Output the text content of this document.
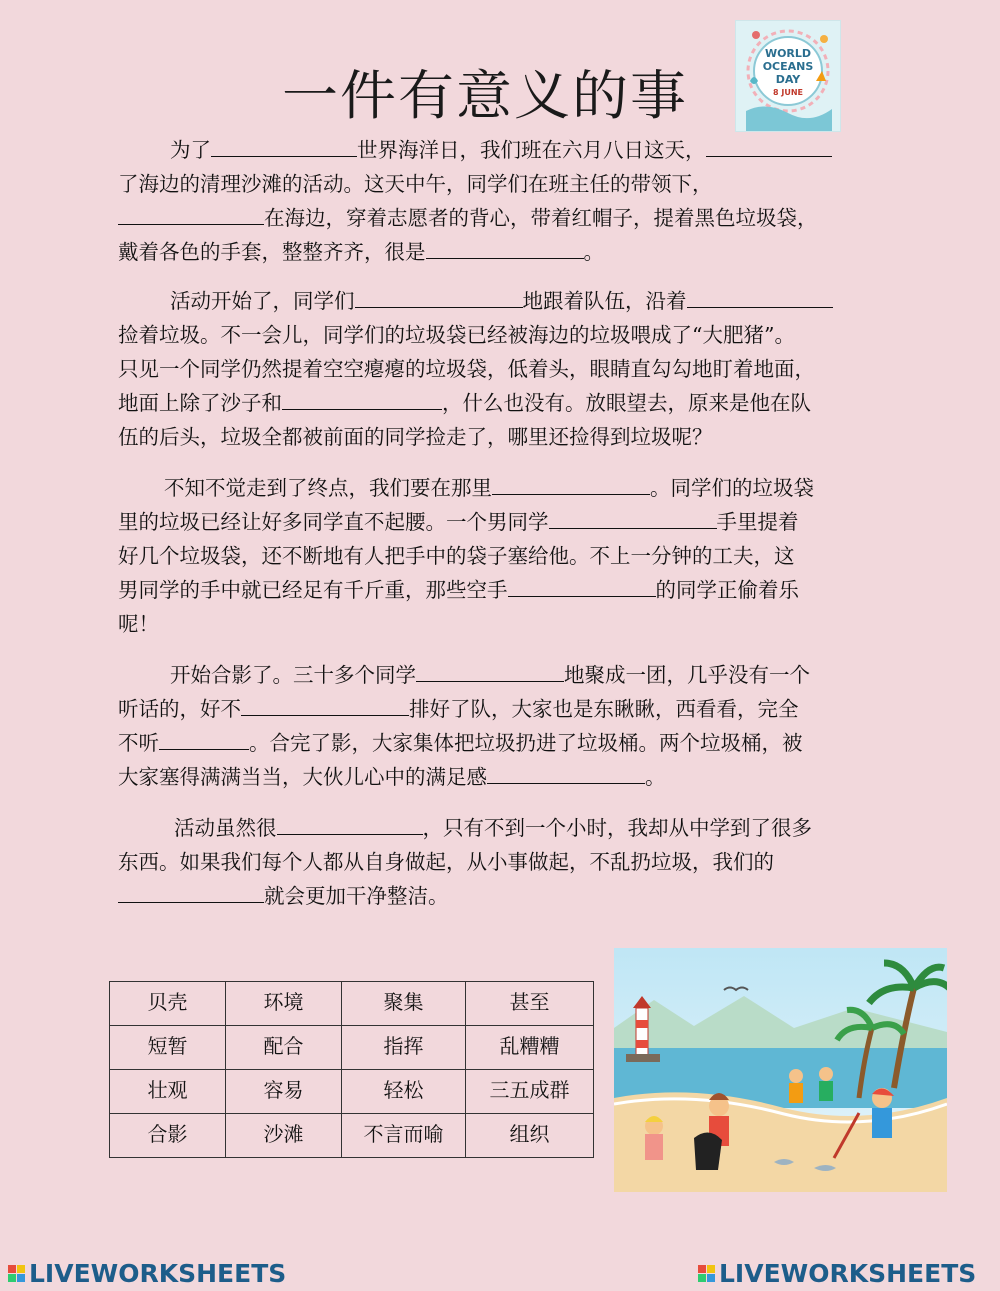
一件有意义的事
WORLD
OCEANS
DAY
8 JUNE
为了	世界海洋日，我们班在六月八日这天，
了海边的清理沙滩的活动。这天中午，同学们在班主任的带领下，
在海边，穿着志愿者的背心，带着红帽子，提着黑色垃圾袋，
戴着各色的手套，整整齐齐，很是	。
活动开始了，同学们	地跟着队伍，沿着
捡着垃圾。不一会儿，同学们的垃圾袋已经被海边的垃圾喂成了“大肥猪”。
只见一个同学仍然提着空空瘪瘪的垃圾袋，低着头，眼睛直勾勾地盯着地面，
地面上除了沙子和	，什么也没有。放眼望去，原来是他在队
伍的后头，垃圾全都被前面的同学捡走了，哪里还捡得到垃圾呢？
不知不觉走到了终点，我们要在那里	。同学们的垃圾袋
里的垃圾已经让好多同学直不起腰。一个男同学	手里提着
好几个垃圾袋，还不断地有人把手中的袋子塞给他。不上一分钟的工夫，这
男同学的手中就已经足有千斤重，那些空手	的同学正偷着乐
呢！
开始合影了。三十多个同学	地聚成一团，几乎没有一个
听话的，好不	排好了队，大家也是东瞅瞅，西看看，完全
不听	。合完了影，大家集体把垃圾扔进了垃圾桶。两个垃圾桶，被
大家塞得满满当当，大伙儿心中的满足感	。
活动虽然很	，只有不到一个小时，我却从中学到了很多
东西。如果我们每个人都从自身做起，从小事做起，不乱扔垃圾，我们的
就会更加干净整洁。
贝壳	环境	聚集	甚至
短暂	配合	指挥	乱糟糟
壮观	容易	轻松	三五成群
合影	沙滩	不言而喻	组织
LIVEWORKSHEETS	LIVEWORKSHEETS
